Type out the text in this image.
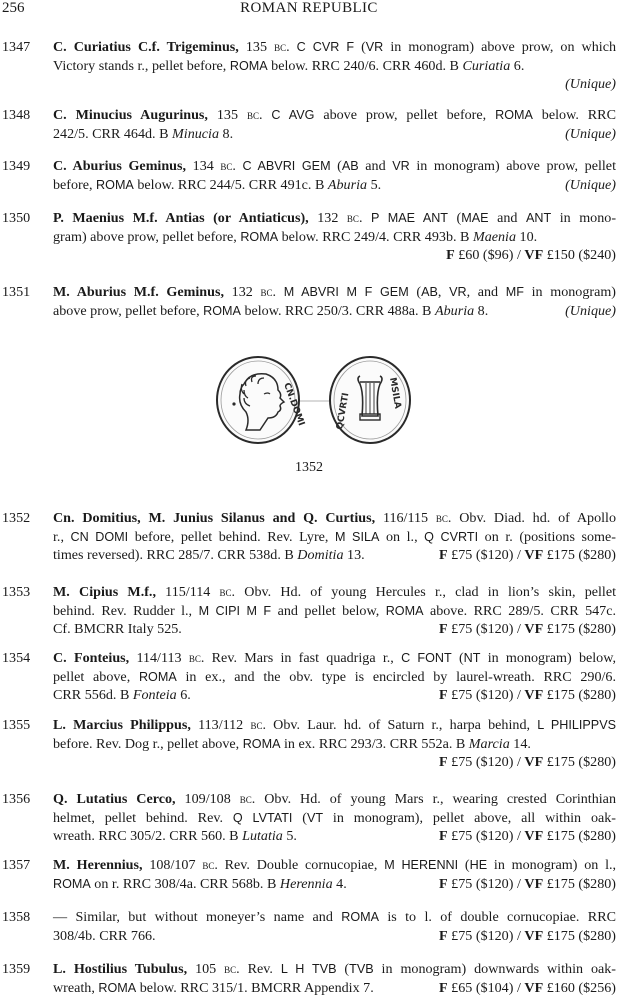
256	ROMAN REPUBLIC
1347 C. Curiatius C.f. Trigeminus, 135 bc. C CVR F (VR in monogram) above prow, on which
Victory stands r., pellet before, ROMA below. RRC 240/6. CRR 460d. B Curiatia 6.
(Unique)
1348 C. Minucius Augurinus, 135 bc. C AVG above prow, pellet before, ROMA below. RRC
242/5. CRR 464d. B Minucia 8.	(Unique)
1349 C. Aburius Geminus, 134 bc. C ABVRI GEM (AB and VR in monogram) above prow, pellet
before, ROMA below. RRC 244/5. CRR 491c. B Aburia 5.	(Unique)
1350 P. Maenius M.f. Antias (or Antiaticus), 132 bc. P MAE ANT (MAE and ANT in mono-
gram) above prow, pellet before, ROMA below. RRC 249/4. CRR 493b. B Maenia 10.
F £60 ($96) / VF £150 ($240)
1351 M. Aburius M.f. Geminus, 132 bc. M ABVRI M F GEM (AB, VR, and MF in monogram)
above prow, pellet before, ROMA below. RRC 250/3. CRR 488a. B Aburia 8.	(Unique)
CN.DOMI	QCVRTI	MSILA
1352
1352 Cn. Domitius, M. Junius Silanus and Q. Curtius, 116/115 bc. Obv. Diad. hd. of Apollo
r., CN DOMI before, pellet behind. Rev. Lyre, M SILA on l., Q CVRTI on r. (positions some-
times reversed). RRC 285/7. CRR 538d. B Domitia 13.	F £75 ($120) / VF £175 ($280)
1353 M. Cipius M.f., 115/114 bc. Obv. Hd. of young Hercules r., clad in lion’s skin, pellet
behind. Rev. Rudder l., M CIPI M F and pellet below, ROMA above. RRC 289/5. CRR 547c.
Cf. BMCRR Italy 525.	F £75 ($120) / VF £175 ($280)
1354 C. Fonteius, 114/113 bc. Rev. Mars in fast quadriga r., C FONT (NT in monogram) below,
pellet above, ROMA in ex., and the obv. type is encircled by laurel-wreath. RRC 290/6.
CRR 556d. B Fonteia 6.	F £75 ($120) / VF £175 ($280)
1355 L. Marcius Philippus, 113/112 bc. Obv. Laur. hd. of Saturn r., harpa behind, L PHILIPPVS
before. Rev. Dog r., pellet above, ROMA in ex. RRC 293/3. CRR 552a. B Marcia 14.
F £75 ($120) / VF £175 ($280)
1356 Q. Lutatius Cerco, 109/108 bc. Obv. Hd. of young Mars r., wearing crested Corinthian
helmet, pellet behind. Rev. Q LVTATI (VT in monogram), pellet above, all within oak-
wreath. RRC 305/2. CRR 560. B Lutatia 5.	F £75 ($120) / VF £175 ($280)
1357 M. Herennius, 108/107 bc. Rev. Double cornucopiae, M HERENNI (HE in monogram) on l.,
ROMA on r. RRC 308/4a. CRR 568b. B Herennia 4.	F £75 ($120) / VF £175 ($280)
1358 — Similar, but without moneyer’s name and ROMA is to l. of double cornucopiae. RRC
308/4b. CRR 766.	F £75 ($120) / VF £175 ($280)
1359 L. Hostilius Tubulus, 105 bc. Rev. L H TVB (TVB in monogram) downwards within oak-
wreath, ROMA below. RRC 315/1. BMCRR Appendix 7.	F £65 ($104) / VF £160 ($256)
